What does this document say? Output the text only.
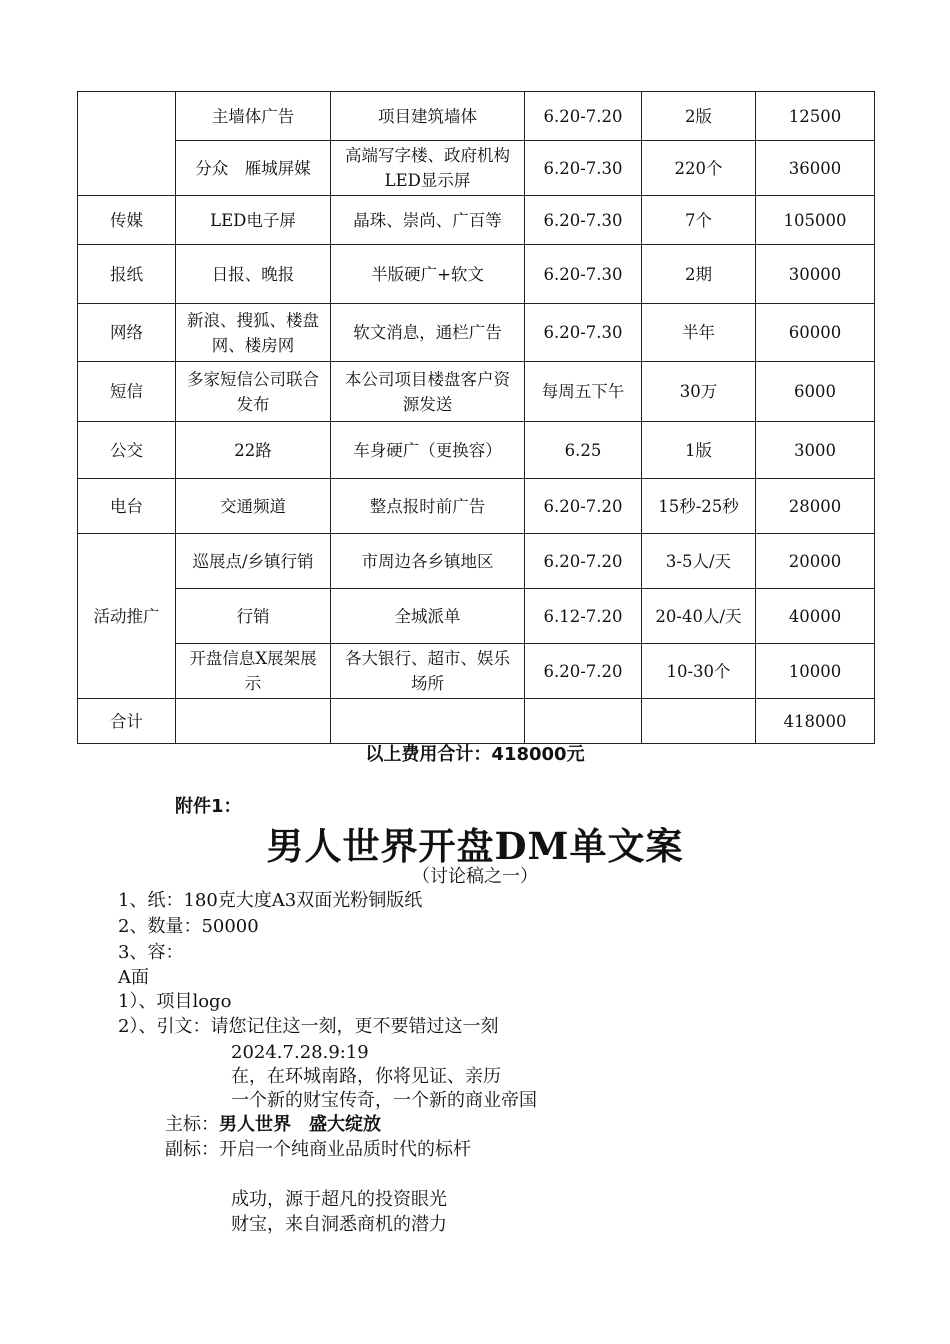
	主墙体广告	项目建筑墙体	6.20-7.20	2版	12500
	分众　雁城屏媒	高端写字楼、政府机构LED显示屏	6.20-7.30	220个	36000
传媒	LED电子屏	晶珠、崇尚、广百等	6.20-7.30	7个	105000
报纸	日报、晚报	半版硬广+软文	6.20-7.30	2期	30000
网络	新浪、搜狐、楼盘网、楼房网	软文消息，通栏广告	6.20-7.30	半年	60000
短信	多家短信公司联合发布	本公司项目楼盘客户资源发送	每周五下午	30万	6000
公交	22路	车身硬广（更换容）	6.25	1版	3000
电台	交通频道	整点报时前广告	6.20-7.20	15秒-25秒	28000
活动推广	巡展点/乡镇行销	市周边各乡镇地区	6.20-7.20	3-5人/天	20000
	行销	全城派单	6.12-7.20	20-40人/天	40000
	开盘信息X展架展示	各大银行、超市、娱乐场所	6.20-7.20	10-30个	10000
合计					418000
以上费用合计：418000元
附件1：
男人世界开盘DM单文案
（讨论稿之一）
1、纸：180克大度A3双面光粉铜版纸
2、数量：50000
3、容：
A面
1）、项目logo
2）、引文：请您记住这一刻，更不要错过这一刻
2024.7.28.9:19
在，在环城南路，你将见证、亲历
一个新的财宝传奇，一个新的商业帝国
主标：男人世界　盛大绽放
副标：开启一个纯商业品质时代的标杆
成功，源于超凡的投资眼光
财宝，来自洞悉商机的潜力
